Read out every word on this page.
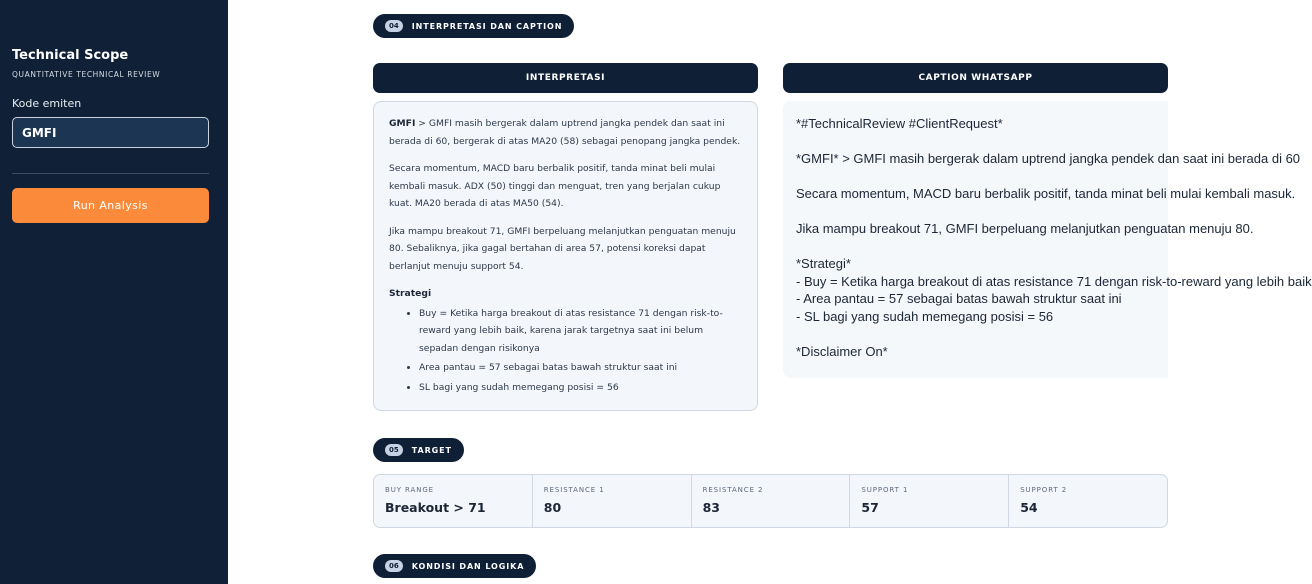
Technical Scope
QUANTITATIVE TECHNICAL REVIEW
Kode emiten
GMFI
Run Analysis
04	INTERPRETASI DAN CAPTION
INTERPRETASI	CAPTION WHATSAPP

GMFI > GMFI masih bergerak dalam uptrend jangka pendek dan saat ini berada di 60, bergerak di atas MA20 (58) sebagai penopang jangka pendek.

Secara momentum, MACD baru berbalik positif, tanda minat beli mulai kembali masuk. ADX (50) tinggi dan menguat, tren yang berjalan cukup kuat. MA20 berada di atas MA50 (54).

Jika mampu breakout 71, GMFI berpeluang melanjutkan penguatan menuju 80. Sebaliknya, jika gagal bertahan di area 57, potensi koreksi dapat berlanjut menuju support 54.

Strategi
• Buy = Ketika harga breakout di atas resistance 71 dengan risk-to-reward yang lebih baik, karena jarak targetnya saat ini belum sepadan dengan risikonya
• Area pantau = 57 sebagai batas bawah struktur saat ini
• SL bagi yang sudah memegang posisi = 56
*#TechnicalReview #ClientRequest*
*GMFI* > GMFI masih bergerak dalam uptrend jangka pendek dan saat ini berada di 60
Secara momentum, MACD baru berbalik positif, tanda minat beli mulai kembali masuk.
Jika mampu breakout 71, GMFI berpeluang melanjutkan penguatan menuju 80.
*Strategi*
- Buy = Ketika harga breakout di atas resistance 71 dengan risk-to-reward yang lebih baik
- Area pantau = 57 sebagai batas bawah struktur saat ini
- SL bagi yang sudah memegang posisi = 56
*Disclaimer On*
05	TARGET
BUY RANGE
Breakout > 71
RESISTANCE 1
80
RESISTANCE 2
83
SUPPORT 1
57
SUPPORT 2
54
06	KONDISI DAN LOGIKA
